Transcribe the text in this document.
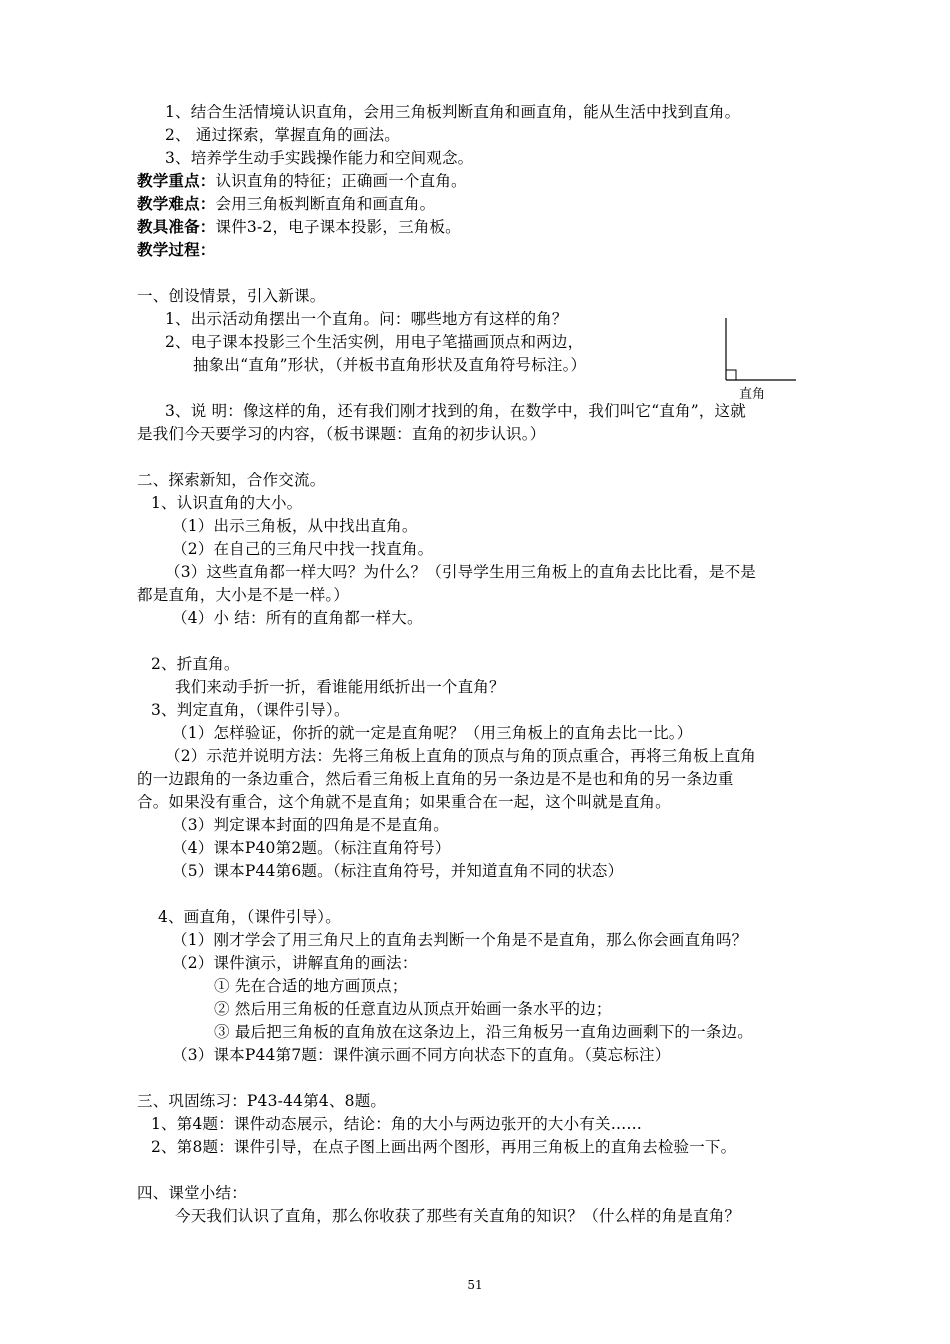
1、结合生活情境认识直角，会用三角板判断直角和画直角，能从生活中找到直角。
2、 通过探索，掌握直角的画法。
3、培养学生动手实践操作能力和空间观念。
教学重点：认识直角的特征；正确画一个直角。
教学难点：会用三角板判断直角和画直角。
教具准备：课件3-2，电子课本投影，三角板。
教学过程：
一、创设情景，引入新课。
1、出示活动角摆出一个直角。问：哪些地方有这样的角？
2、电子课本投影三个生活实例，用电子笔描画顶点和两边，
抽象出“直角”形状，（并板书直角形状及直角符号标注。）
直角
3、说 明：像这样的角，还有我们刚才找到的角，在数学中，我们叫它“直角”，这就
是我们今天要学习的内容，（板书课题：直角的初步认识。）
二、探索新知，合作交流。
1、认识直角的大小。
（1）出示三角板，从中找出直角。
（2）在自己的三角尺中找一找直角。
（3）这些直角都一样大吗？为什么？（引导学生用三角板上的直角去比比看，是不是
都是直角，大小是不是一样。）
（4）小 结：所有的直角都一样大。
2、折直角。
我们来动手折一折，看谁能用纸折出一个直角？
3、判定直角，（课件引导）。
（1）怎样验证，你折的就一定是直角呢？（用三角板上的直角去比一比。）
（2）示范并说明方法：先将三角板上直角的顶点与角的顶点重合，再将三角板上直角
的一边跟角的一条边重合，然后看三角板上直角的另一条边是不是也和角的另一条边重
合。如果没有重合，这个角就不是直角；如果重合在一起，这个叫就是直角。
（3）判定课本封面的四角是不是直角。
（4）课本P40第2题。（标注直角符号）
（5）课本P44第6题。（标注直角符号，并知道直角不同的状态）
4、画直角，（课件引导）。
（1）刚才学会了用三角尺上的直角去判断一个角是不是直角，那么你会画直角吗？
（2）课件演示，讲解直角的画法：
① 先在合适的地方画顶点；
② 然后用三角板的任意直边从顶点开始画一条水平的边；
③ 最后把三角板的直角放在这条边上，沿三角板另一直角边画剩下的一条边。
（3）课本P44第7题：课件演示画不同方向状态下的直角。（莫忘标注）
三、巩固练习：P43-44第4、8题。
1、第4题：课件动态展示，结论：角的大小与两边张开的大小有关……
2、第8题：课件引导，在点子图上画出两个图形，再用三角板上的直角去检验一下。
四、课堂小结：
今天我们认识了直角，那么你收获了那些有关直角的知识？（什么样的角是直角？
51
